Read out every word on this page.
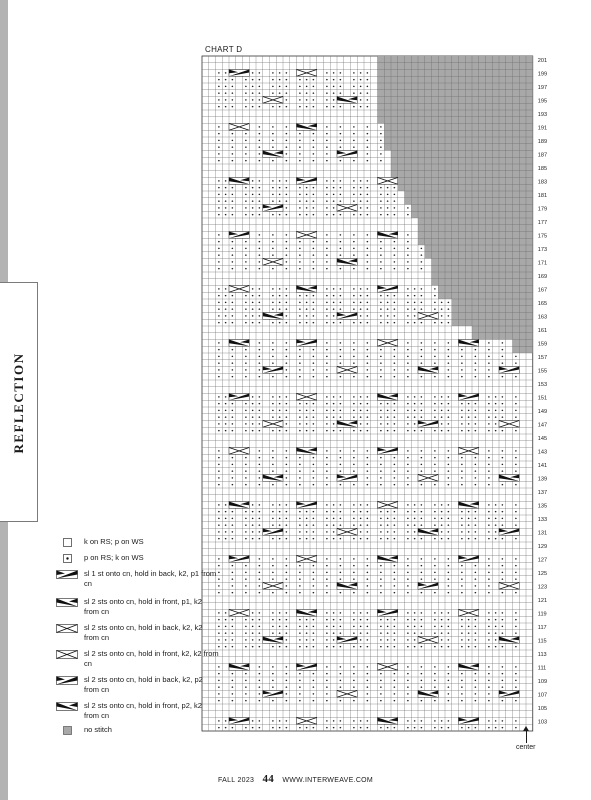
REFLECTION
CHART D
201
199
197
195
193
191
189
187
185
183
181
179
177
175
173
171
169
167
165
163
161
159
157
155
153
151
149
147
145
143
141
139
137
135
133
131
129
127
125
123
121
119
117
115
113
111
109
107
105
103
center
k on RS; p on WS
p on RS; k on WS
sl 1 st onto cn, hold in back, k2, p1 from cn
sl 2 sts onto cn, hold in front, p1, k2 from cn
sl 2 sts onto cn, hold in back, k2, k2 from cn
sl 2 sts onto cn, hold in front, k2, k2 from cn
sl 2 sts onto cn, hold in back, k2, p2 from cn
sl 2 sts onto cn, hold in front, p2, k2 from cn
no stitch
FALL 2023 44 WWW.INTERWEAVE.COM
